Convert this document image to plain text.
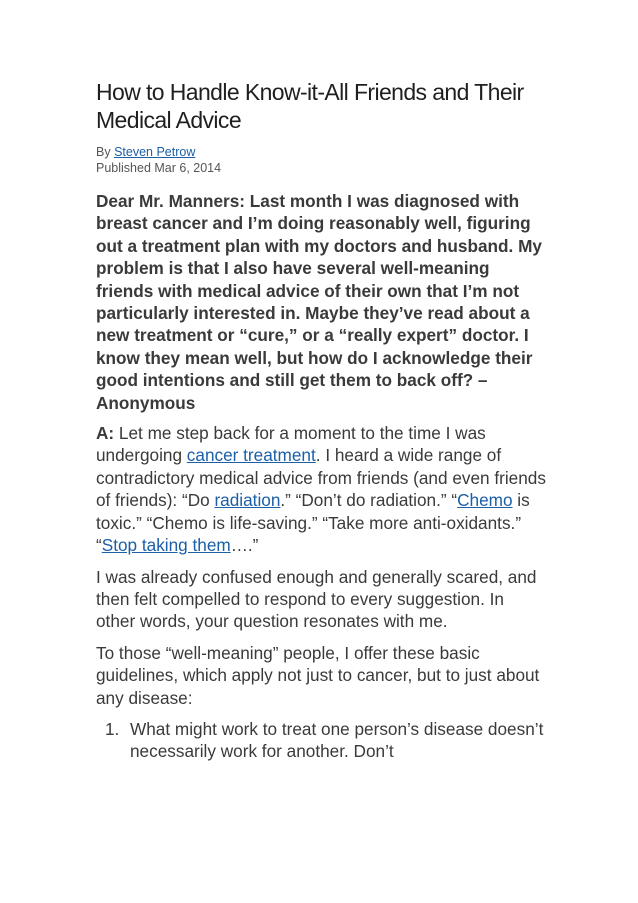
How to Handle Know-it-All Friends and Their Medical Advice

By Steven Petrow

Published Mar 6, 2014

Dear Mr. Manners: Last month I was diagnosed with breast cancer and I’m doing reasonably well, figuring out a treatment plan with my doctors and husband. My problem is that I also have several well-meaning friends with medical advice of their own that I’m not particularly interested in. Maybe they’ve read about a new treatment or “cure,” or a “really expert” doctor. I know they mean well, but how do I acknowledge their good intentions and still get them to back off? –Anonymous

A: Let me step back for a moment to the time I was undergoing cancer treatment. I heard a wide range of contradictory medical advice from friends (and even friends of friends): “Do radiation.” “Don’t do radiation.” “Chemo is toxic.” “Chemo is life-saving.” “Take more anti-oxidants.” “Stop taking them….”

I was already confused enough and generally scared, and then felt compelled to respond to every suggestion. In other words, your question resonates with me.

To those “well-meaning” people, I offer these basic guidelines, which apply not just to cancer, but to just about any disease:

1. What might work to treat one person’s disease doesn’t necessarily work for another. Don’t
